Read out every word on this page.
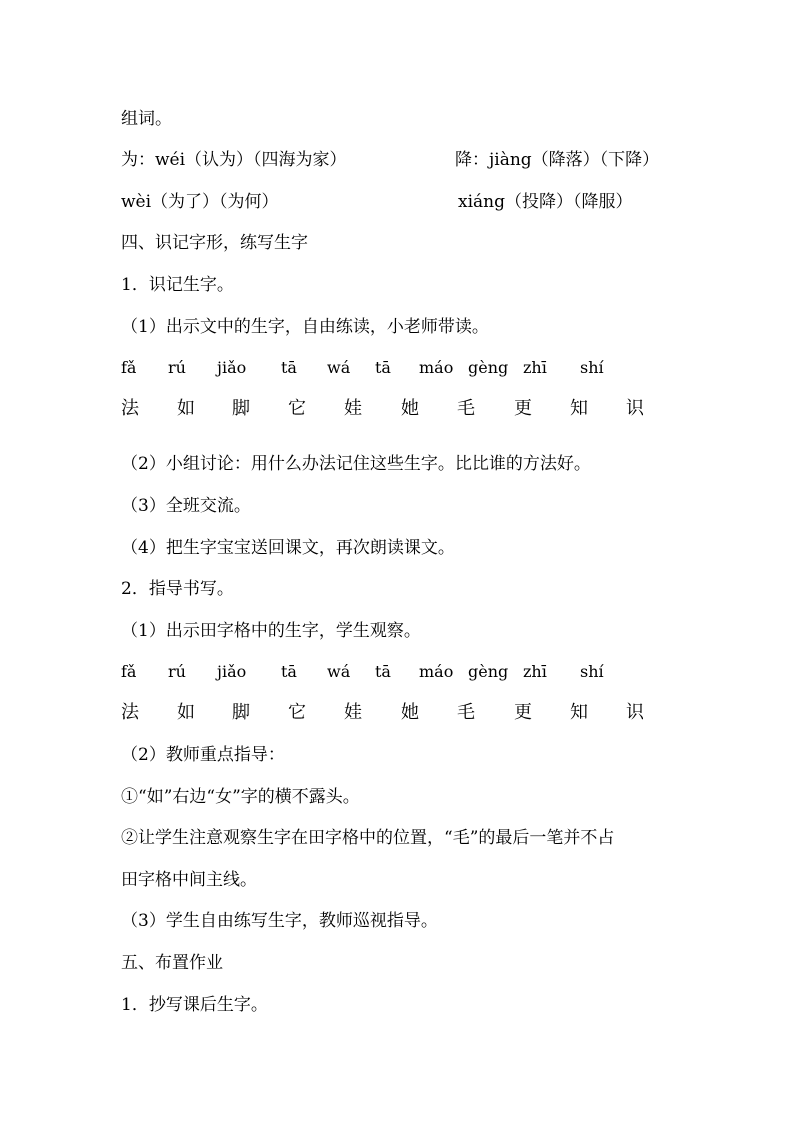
组词。
为：wéi（认为）（四海为家）	降：jiàng（降落）（下降）
wèi（为了）（为何）	xiáng（投降）（降服）
四、识记字形，练写生字
1．识记生字。
（1）出示文中的生字，自由练读，小老师带读。
fǎ rú jiǎo tā wá tā máo gèng zhī shí
法 如 脚 它 娃 她 毛 更 知 识
（2）小组讨论：用什么办法记住这些生字。比比谁的方法好。
（3）全班交流。
（4）把生字宝宝送回课文，再次朗读课文。
2．指导书写。
（1）出示田字格中的生字，学生观察。
fǎ rú jiǎo tā wá tā máo gèng zhī shí
法 如 脚 它 娃 她 毛 更 知 识
（2）教师重点指导：
①“如”右边“女”字的横不露头。
②让学生注意观察生字在田字格中的位置，“毛”的最后一笔并不占
田字格中间主线。
（3）学生自由练写生字，教师巡视指导。
五、布置作业
1．抄写课后生字。
